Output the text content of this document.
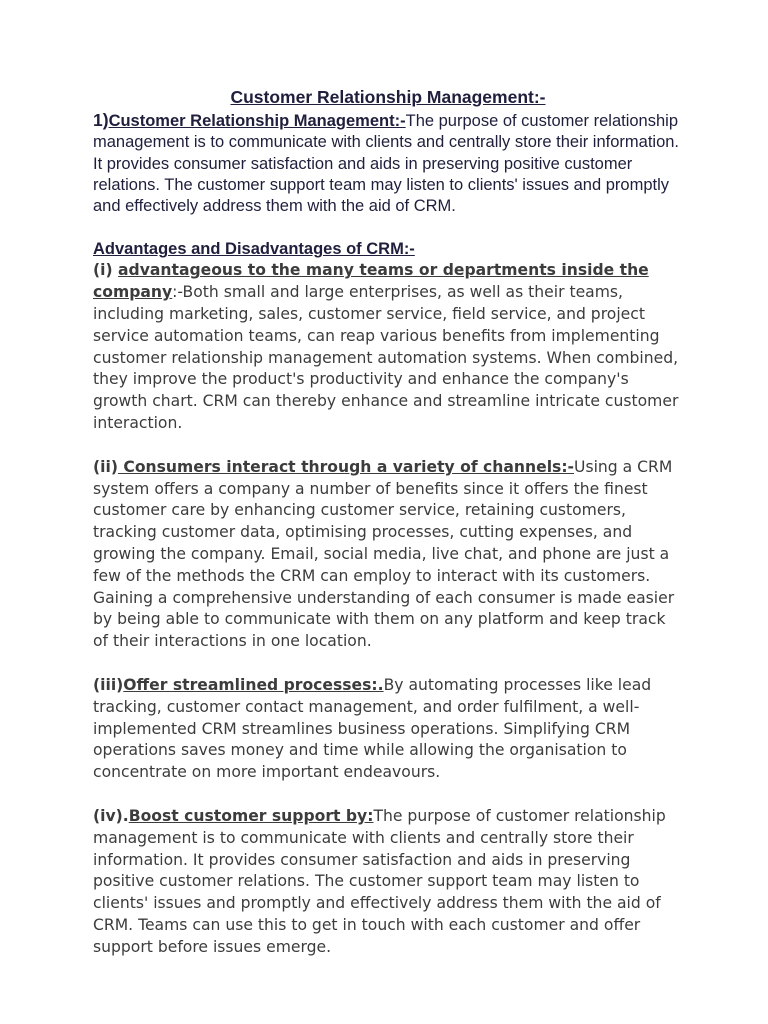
Customer Relationship Management:-

1)Customer Relationship Management:-The purpose of customer relationship management is to communicate with clients and centrally store their information. It provides consumer satisfaction and aids in preserving positive customer relations. The customer support team may listen to clients' issues and promptly and effectively address them with the aid of CRM.

Advantages and Disadvantages of CRM:-

(i) advantageous to the many teams or departments inside the
company:-Both small and large enterprises, as well as their teams, including marketing, sales, customer service, field service, and project service automation teams, can reap various benefits from implementing customer relationship management automation systems. When combined, they improve the product's productivity and enhance the company's growth chart. CRM can thereby enhance and streamline intricate customer interaction.

(ii) Consumers interact through a variety of channels:-Using a CRM system offers a company a number of benefits since it offers the finest customer care by enhancing customer service, retaining customers, tracking customer data, optimising processes, cutting expenses, and growing the company. Email, social media, live chat, and phone are just a few of the methods the CRM can employ to interact with its customers. Gaining a comprehensive understanding of each consumer is made easier by being able to communicate with them on any platform and keep track of their interactions in one location.

(iii)Offer streamlined processes:.By automating processes like lead tracking, customer contact management, and order fulfilment, a well-implemented CRM streamlines business operations. Simplifying CRM operations saves money and time while allowing the organisation to concentrate on more important endeavours.

(iv).Boost customer support by:The purpose of customer relationship management is to communicate with clients and centrally store their information. It provides consumer satisfaction and aids in preserving positive customer relations. The customer support team may listen to clients' issues and promptly and effectively address them with the aid of CRM. Teams can use this to get in touch with each customer and offer support before issues emerge.
